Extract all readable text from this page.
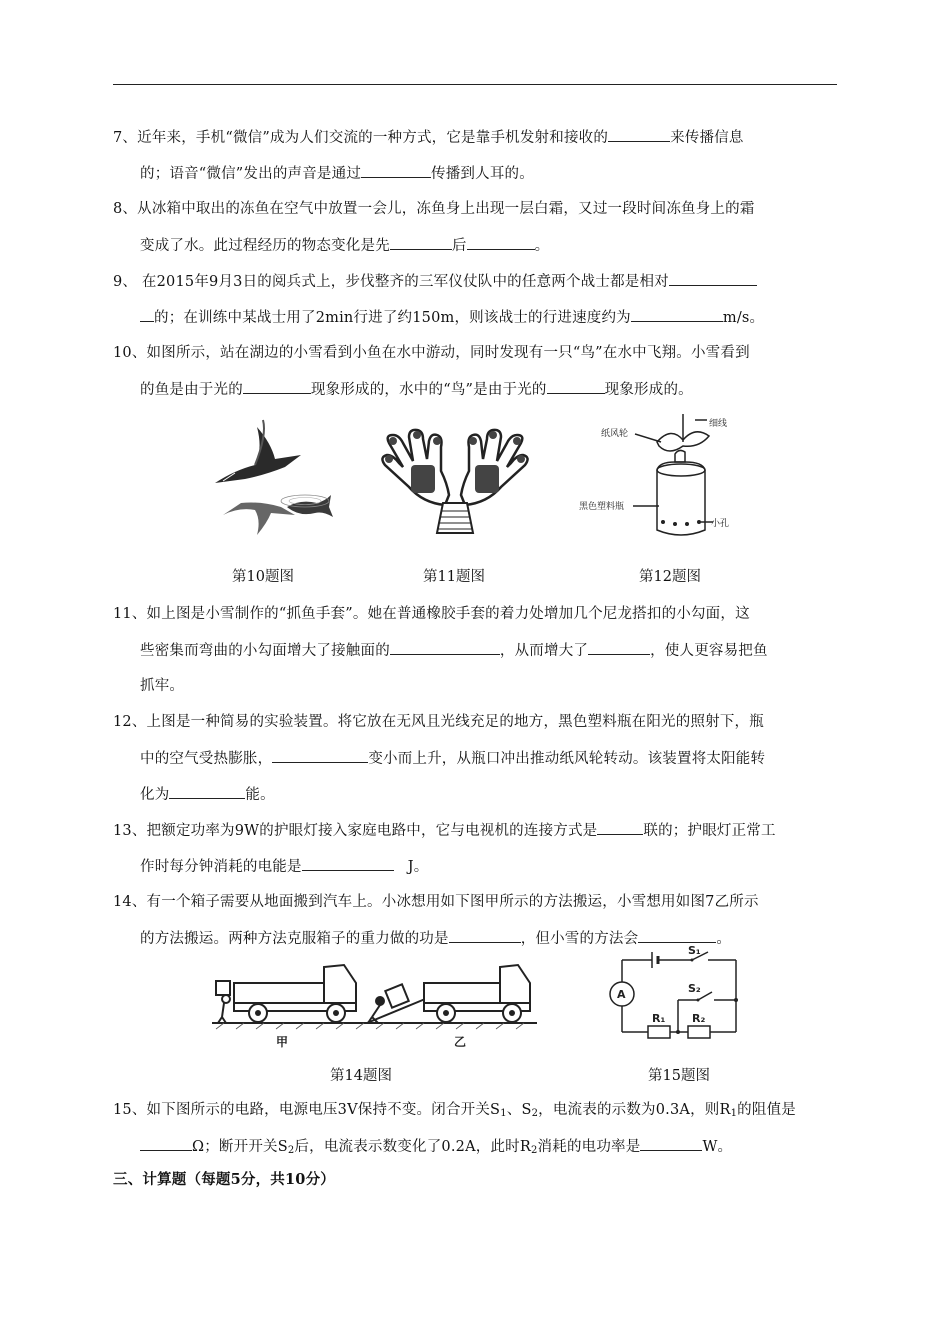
7、近年来，手机“微信”成为人们交流的一种方式，它是靠手机发射和接收的	来传播信息
的；语音“微信”发出的声音是通过	传播到人耳的。
8、从冰箱中取出的冻鱼在空气中放置一会儿，冻鱼身上出现一层白霜，又过一段时间冻鱼身上的霜
变成了水。此过程经历的物态变化是先	后	。
9、 在2015年9月3日的阅兵式上，步伐整齐的三军仪仗队中的任意两个战士都是相对
的；在训练中某战士用了2min行进了约150m，则该战士的行进速度约为	m/s。
10、如图所示，站在湖边的小雪看到小鱼在水中游动，同时发现有一只“鸟”在水中飞翔。小雪看到
的鱼是由于光的	现象形成的，水中的“鸟”是由于光的	现象形成的。
细线
纸风轮
黑色塑料瓶
小孔
第10题图	第11题图	第12题图
11、如上图是小雪制作的“抓鱼手套”。她在普通橡胶手套的着力处增加几个尼龙搭扣的小勾面，这
些密集而弯曲的小勾面增大了接触面的	，从而增大了	，使人更容易把鱼
抓牢。
12、上图是一种简易的实验装置。将它放在无风且光线充足的地方，黑色塑料瓶在阳光的照射下，瓶
中的空气受热膨胀，	变小而上升，从瓶口冲出推动纸风轮转动。该装置将太阳能转
化为	能。
13、把额定功率为9W的护眼灯接入家庭电路中，它与电视机的连接方式是	联的；护眼灯正常工
作时每分钟消耗的电能是	J。
14、有一个箱子需要从地面搬到汽车上。小冰想用如下图甲所示的方法搬运，小雪想用如图7乙所示
的方法搬运。两种方法克服箱子的重力做的功是	，但小雪的方法会	。
甲	乙
A
S₁
S₂
R₁ R₂
第14题图	第15题图
15、如下图所示的电路，电源电压3V保持不变。闭合开关$S_1$、$S_2$，电流表的示数为0.3A，则$R_1$的阻值是
Ω；断开开关$S_2$后，电流表示数变化了0.2A，此时$R_2$消耗的电功率是	W。
三、计算题（每题5分，共10分）
